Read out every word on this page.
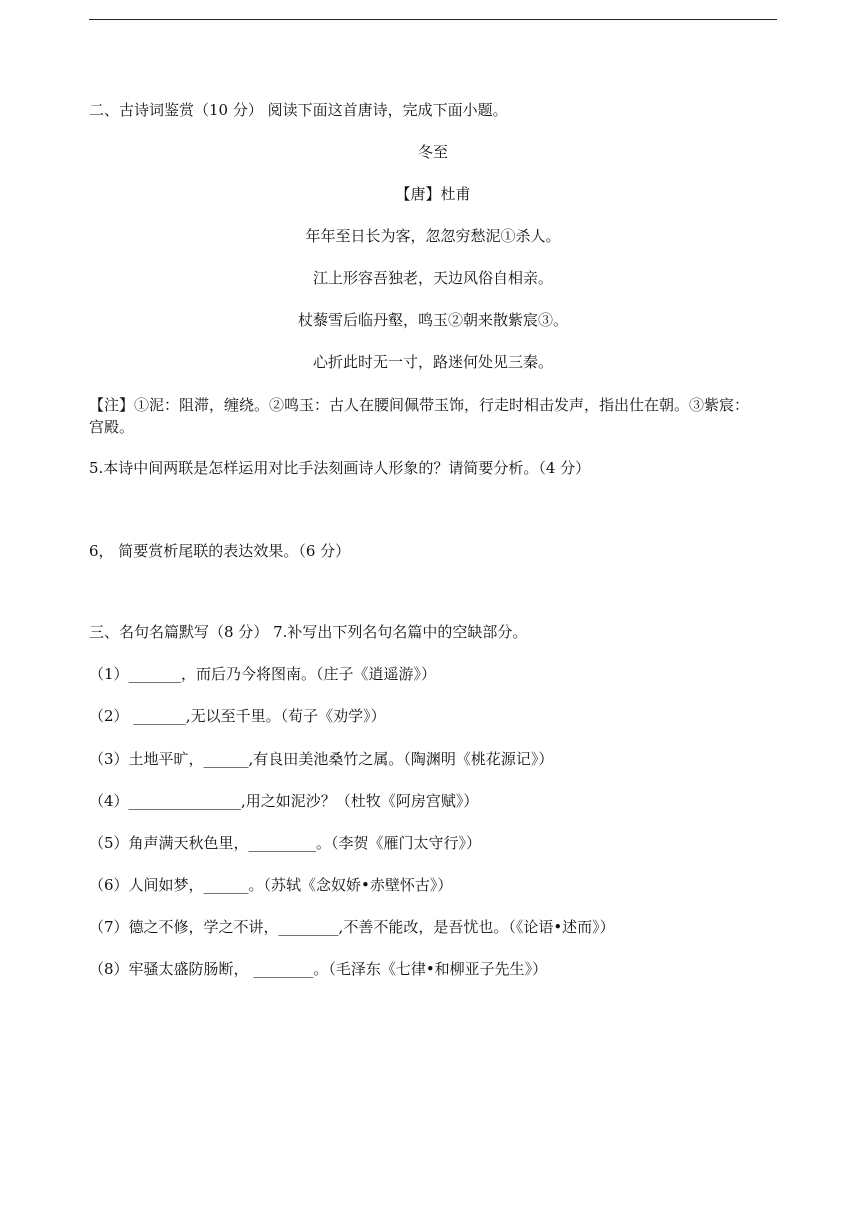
二、古诗词鉴赏（10 分） 阅读下面这首唐诗，完成下面小题。
冬至
【唐】杜甫
年年至日长为客，忽忽穷愁泥①杀人。
江上形容吾独老，天边风俗自相亲。
杖藜雪后临丹壑，鸣玉②朝来散紫宸③。
心折此时无一寸，路迷何处见三秦。
【注】①泥：阻滞，缠绕。②鸣玉：古人在腰间佩带玉饰，行走时相击发声，指出仕在朝。③紫宸：宫殿。
5.本诗中间两联是怎样运用对比手法刻画诗人形象的？请简要分析。（4 分）
6， 简要赏析尾联的表达效果。（6 分）
三、名句名篇默写（8 分） 7.补写出下列名句名篇中的空缺部分。
（1）_______，而后乃今将图南。（庄子《逍遥游》）
（2） _______,无以至千里。（荀子《劝学》）
（3）土地平旷，______,有良田美池桑竹之属。（陶渊明《桃花源记》）
（4）_______________,用之如泥沙？（杜牧《阿房宫赋》）
（5）角声满天秋色里，_________。（李贺《雁门太守行》）
（6）人间如梦，______。（苏轼《念奴娇•赤壁怀古》）
（7）德之不修，学之不讲，________,不善不能改，是吾忧也。（《论语•述而》）
（8）牢骚太盛防肠断， ________。（毛泽东《七律•和柳亚子先生》）
